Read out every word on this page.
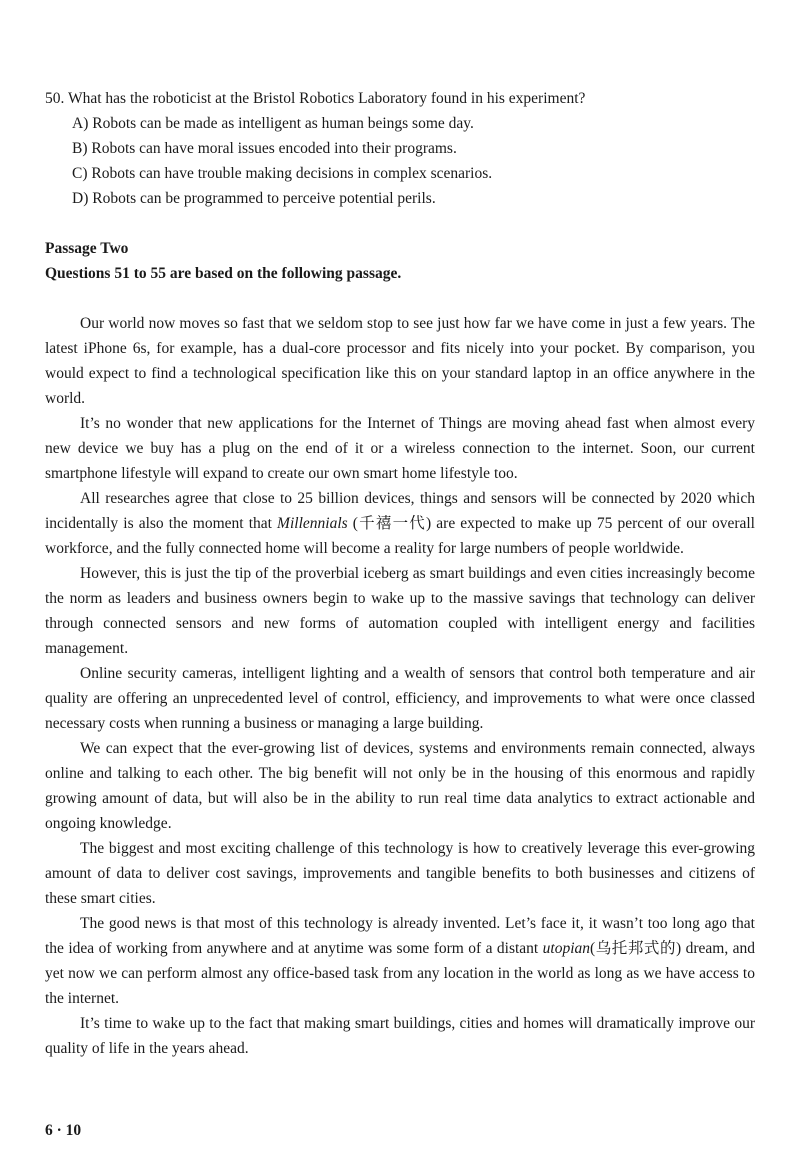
50. What has the roboticist at the Bristol Robotics Laboratory found in his experiment?
A) Robots can be made as intelligent as human beings some day.
B) Robots can have moral issues encoded into their programs.
C) Robots can have trouble making decisions in complex scenarios.
D) Robots can be programmed to perceive potential perils.
Passage Two
Questions 51 to 55 are based on the following passage.

Our world now moves so fast that we seldom stop to see just how far we have come in just a few years. The latest iPhone 6s, for example, has a dual-core processor and fits nicely into your pocket. By comparison, you would expect to find a technological specification like this on your standard laptop in an office anywhere in the world.

It’s no wonder that new applications for the Internet of Things are moving ahead fast when almost every new device we buy has a plug on the end of it or a wireless connection to the internet. Soon, our current smartphone lifestyle will expand to create our own smart home lifestyle too.

All researches agree that close to 25 billion devices, things and sensors will be connected by 2020 which incidentally is also the moment that Millennials (千禧一代) are expected to make up 75 percent of our overall workforce, and the fully connected home will become a reality for large numbers of people worldwide.

However, this is just the tip of the proverbial iceberg as smart buildings and even cities increasingly become the norm as leaders and business owners begin to wake up to the massive savings that technology can deliver through connected sensors and new forms of automation coupled with intelligent energy and facilities management.

Online security cameras, intelligent lighting and a wealth of sensors that control both temperature and air quality are offering an unprecedented level of control, efficiency, and improvements to what were once classed necessary costs when running a business or managing a large building.

We can expect that the ever-growing list of devices, systems and environments remain connected, always online and talking to each other. The big benefit will not only be in the housing of this enormous and rapidly growing amount of data, but will also be in the ability to run real time data analytics to extract actionable and ongoing knowledge.

The biggest and most exciting challenge of this technology is how to creatively leverage this ever-growing amount of data to deliver cost savings, improvements and tangible benefits to both businesses and citizens of these smart cities.

The good news is that most of this technology is already invented. Let’s face it, it wasn’t too long ago that the idea of working from anywhere and at anytime was some form of a distant utopian(乌托邦式的) dream, and yet now we can perform almost any office-based task from any location in the world as long as we have access to the internet.

It’s time to wake up to the fact that making smart buildings, cities and homes will dramatically improve our quality of life in the years ahead.

6 · 10
